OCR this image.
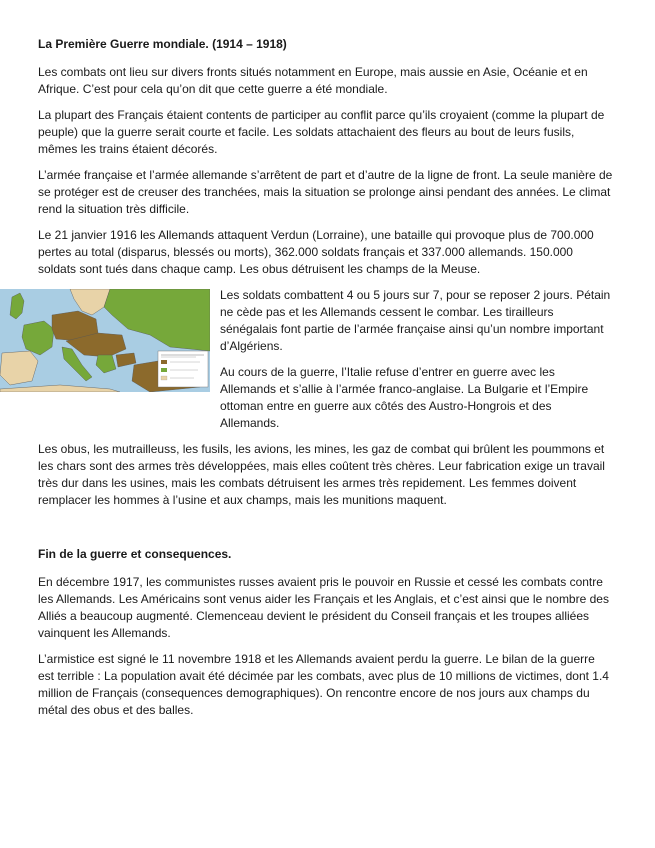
La Première Guerre mondiale. (1914 – 1918)

Les combats ont lieu sur divers fronts situés notamment en Europe, mais aussie en Asie, Océanie et en Afrique. C’est pour cela qu’on dit que cette guerre a été mondiale.

La plupart des Français étaient contents de participer au conflit parce qu’ils croyaient (comme la plupart de peuple) que la guerre serait courte et facile. Les soldats attachaient des fleurs au bout de leurs fusils, mêmes les trains étaient décorés.

L’armée française et l’armée allemande s’arrêtent de part et d’autre de la ligne de front. La seule manière de se protéger est de creuser des tranchées, mais la situation se prolonge ainsi pendant des années. Le climat rend la situation très difficile.

Le 21 janvier 1916 les Allemands attaquent Verdun (Lorraine), une bataille qui provoque plus de 700.000 pertes au total (disparus, blessés ou morts), 362.000 soldats français et 337.000 allemands. 150.000 soldats sont tués dans chaque camp. Les obus détruisent les champs de la Meuse.

Les soldats combattent 4 ou 5 jours sur 7, pour se reposer 2 jours. Pétain ne cède pas et les Allemands cessent le combar. Les tirailleurs sénégalais font partie de l’armée française ainsi qu’un nombre important d’Algériens.

Au cours de la guerre, l’Italie refuse d’entrer en guerre avec les Allemands et s’allie à l’armée franco-anglaise. La Bulgarie et l’Empire ottoman entre en guerre aux côtés des Austro-Hongrois et des Allemands.

Les obus, les mutrailleuss, les fusils, les avions, les mines, les gaz de combat qui brûlent les poummons et les chars sont des armes très développées, mais elles coûtent très chères. Leur fabrication exige un travail très dur dans les usines, mais les combats détruisent les armes très repidement. Les femmes doivent remplacer les hommes à l’usine et aux champs, mais les munitions maquent.

Fin de la guerre et consequences.

En décembre 1917, les communistes russes avaient pris le pouvoir en Russie et cessé les combats contre les Allemands. Les Américains sont venus aider les Français et les Anglais, et c’est ainsi que le nombre des Alliés a beaucoup augmenté. Clemenceau devient le président du Conseil français et les troupes alliées vainquent les Allemands.

L’armistice est signé le 11 novembre 1918 et les Allemands avaient perdu la guerre. Le bilan de la guerre est terrible : La population avait été décimée par les combats, avec plus de 10 millions de victimes, dont 1.4 million de Français (consequences demographiques). On rencontre encore de nos jours aux champs du métal des obus et des balles.
